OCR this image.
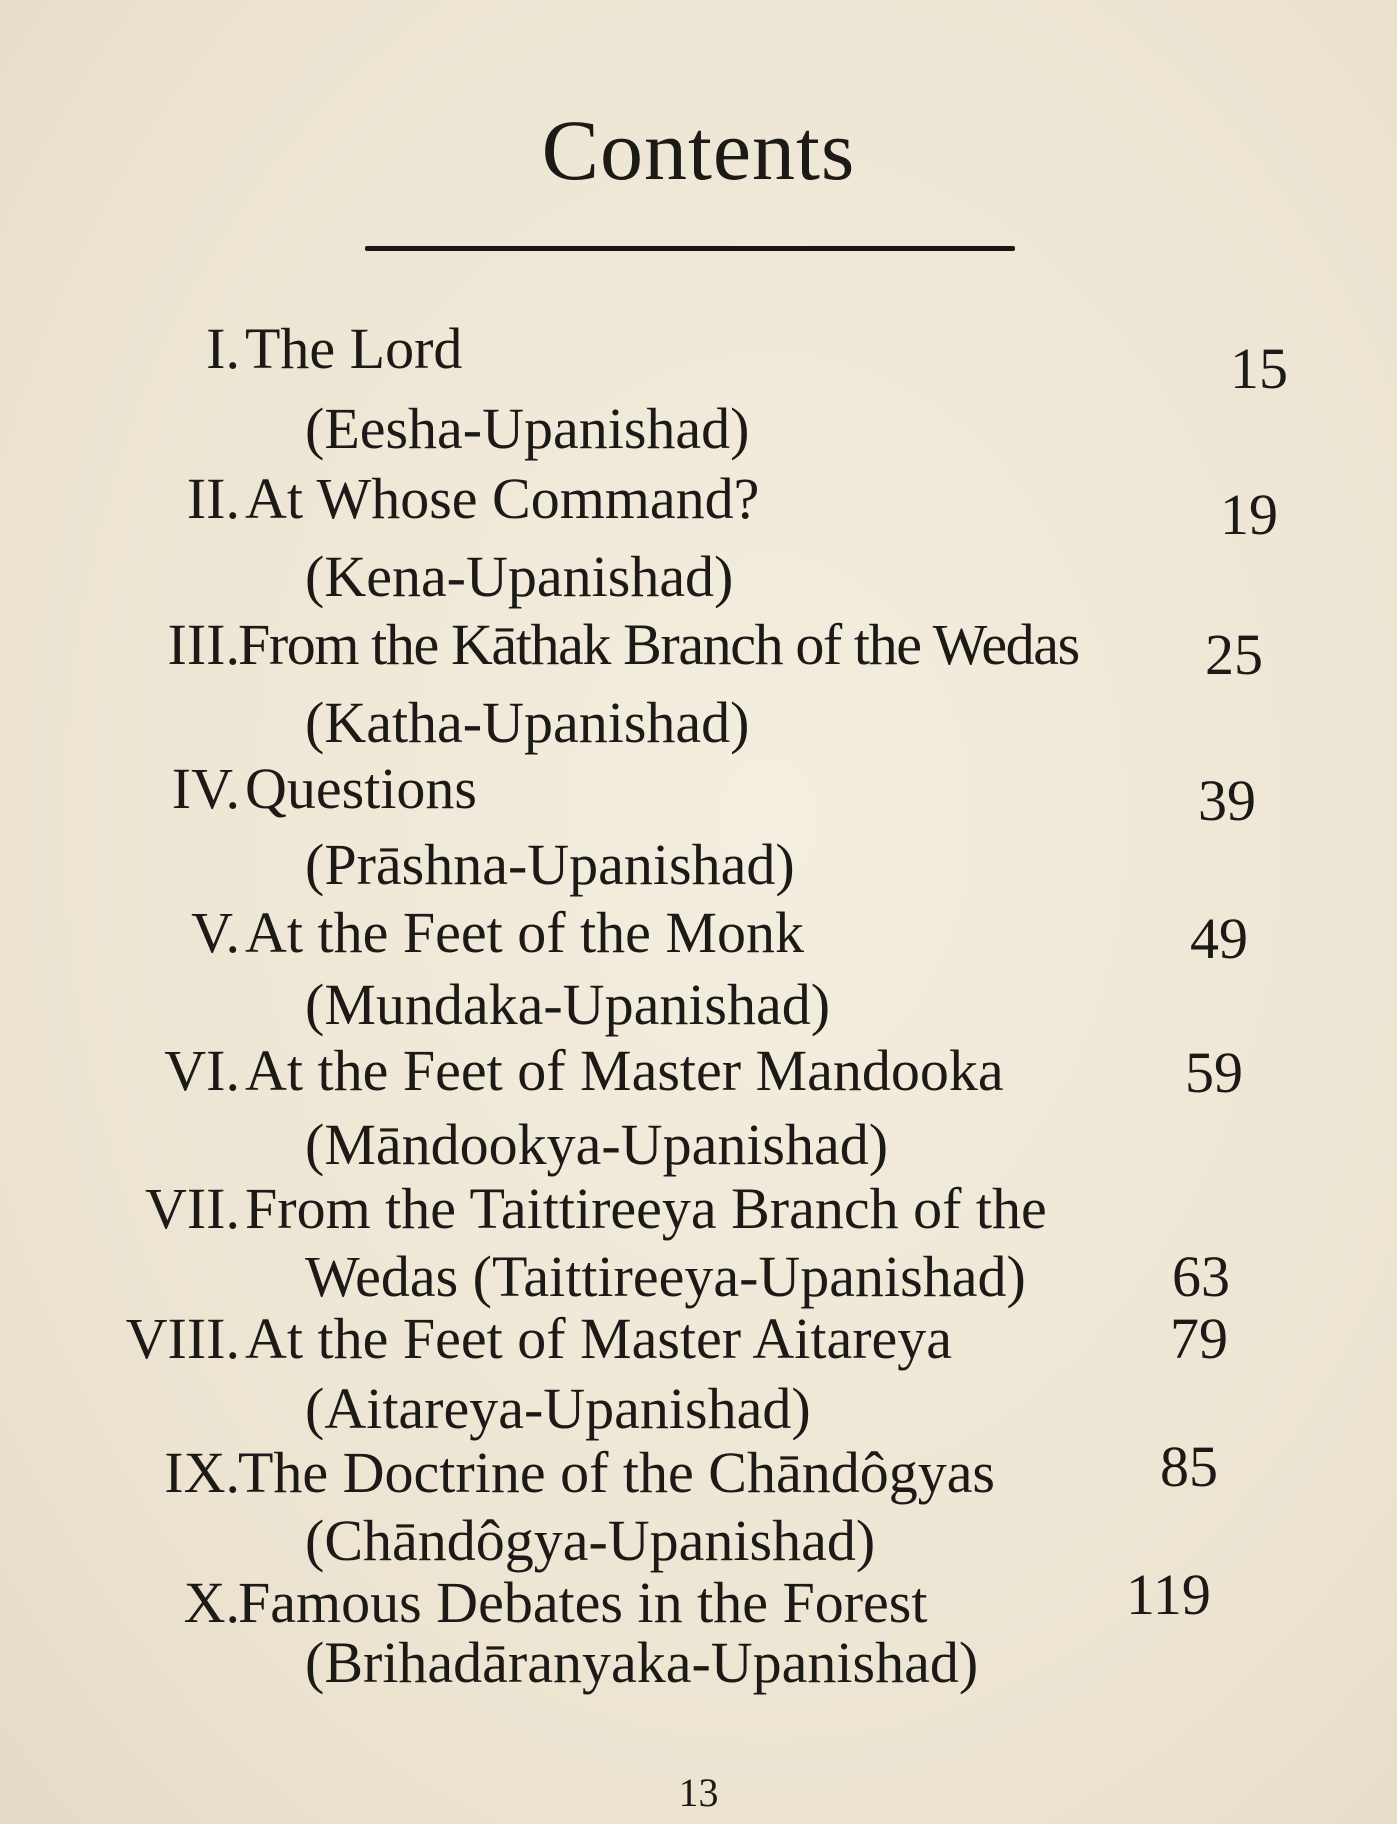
Contents
I. The Lord	15
(Eesha-Upanishad)
II. At Whose Command?	19
(Kena-Upanishad)
III.
From the Kāthak Branch of the Wedas 25
(Katha-Upanishad)
IV. Questions	39
(Prāshna-Upanishad)
V. At the Feet of the Monk	49
(Mundaka-Upanishad)
VI. At the Feet of Master Mandooka	59
(Māndookya-Upanishad)
VII. From the Taittireeya Branch of the
Wedas (Taittireeya-Upanishad)	63
VIII. At the Feet of Master Aitareya	79
(Aitareya-Upanishad)
IX.
The Doctrine of the Chāndôgyas	85
(Chāndôgya-Upanishad)
X.
Famous Debates in the Forest	119
(Brihadāranyaka-Upanishad)
13
